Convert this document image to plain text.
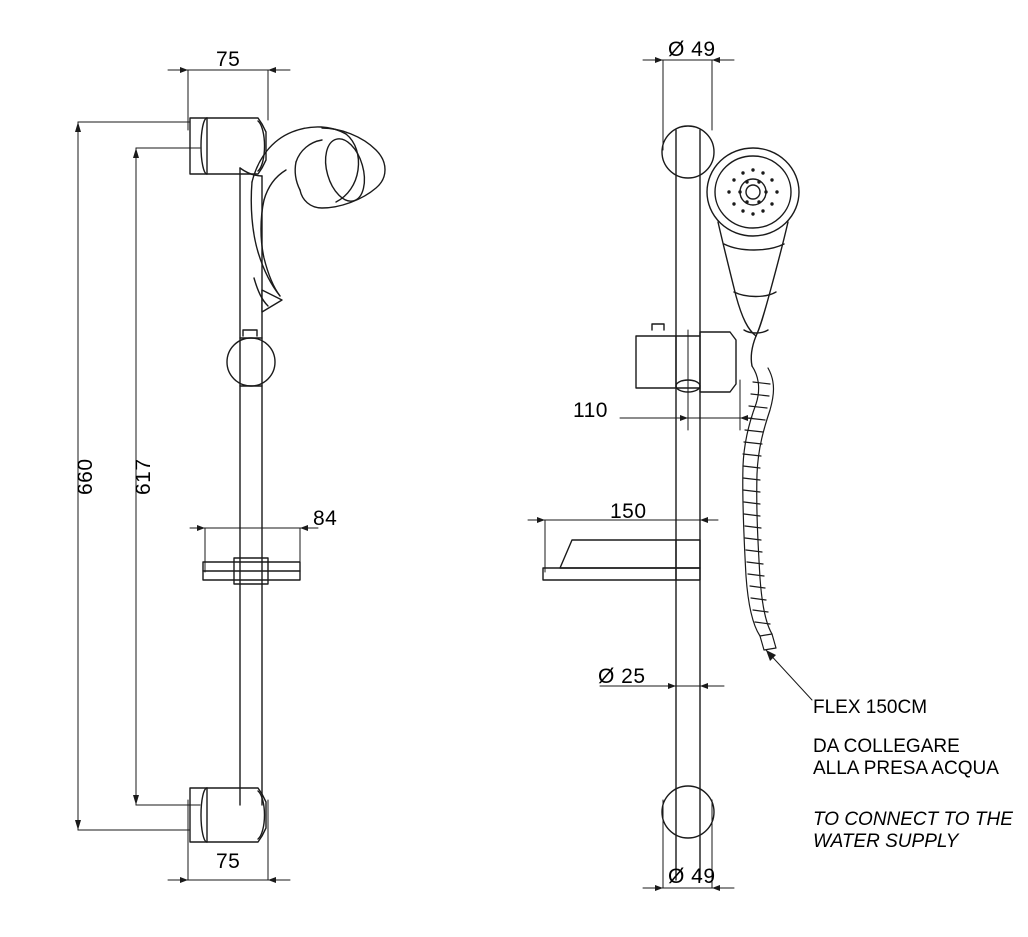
75
660 617
84
75
Ø 49
110
150
Ø 25
Ø 49
FLEX 150CM
DA COLLEGARE
ALLA PRESA ACQUA
TO CONNECT TO THE
WATER SUPPLY
